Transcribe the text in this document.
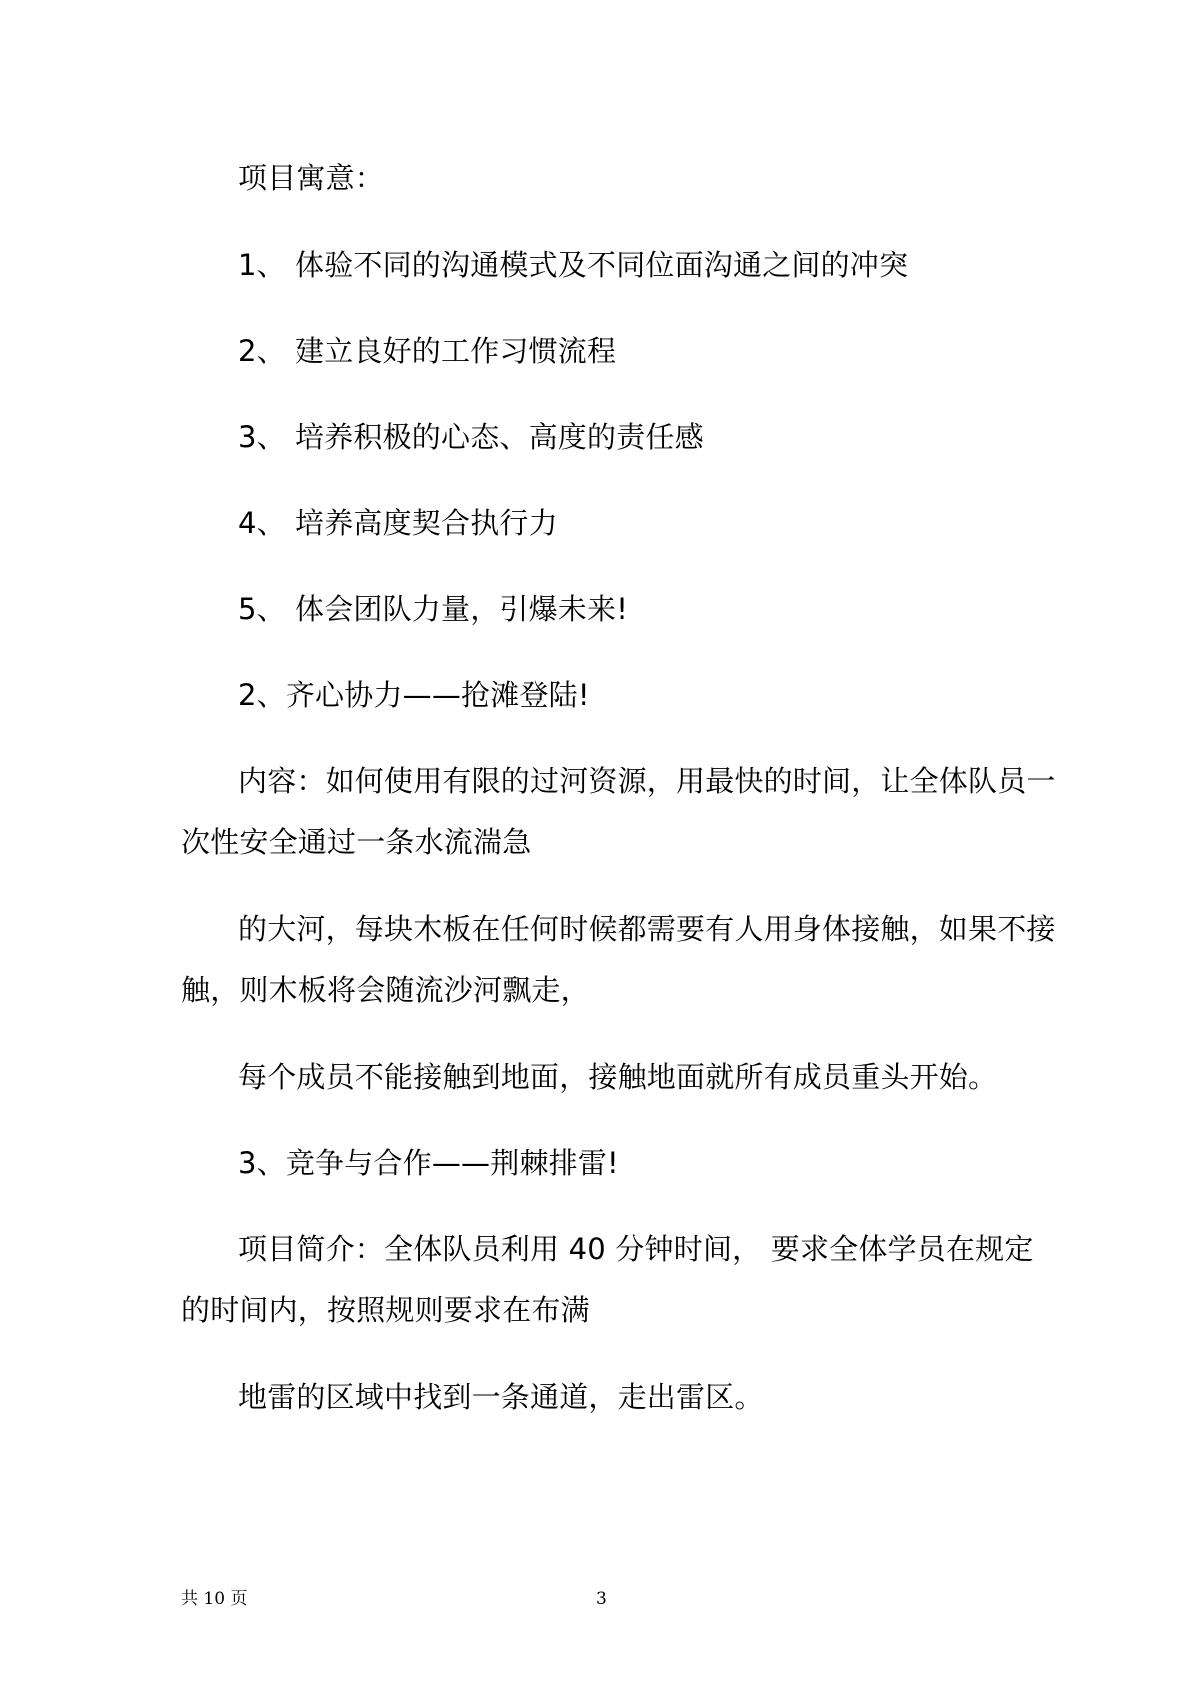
项目寓意：
1、 体验不同的沟通模式及不同位面沟通之间的冲突
2、 建立良好的工作习惯流程
3、 培养积极的心态、高度的责任感
4、 培养高度契合执行力
5、 体会团队力量，引爆未来!
2、齐心协力——抢滩登陆!
内容：如何使用有限的过河资源，用最快的时间，让全体队员一
次性安全通过一条水流湍急
的大河，每块木板在任何时候都需要有人用身体接触，如果不接
触，则木板将会随流沙河飘走，
每个成员不能接触到地面，接触地面就所有成员重头开始。
3、竞争与合作——荆棘排雷!
项目简介：全体队员利用 40 分钟时间， 要求全体学员在规定
的时间内，按照规则要求在布满
地雷的区域中找到一条通道，走出雷区。
共 10 页	3
